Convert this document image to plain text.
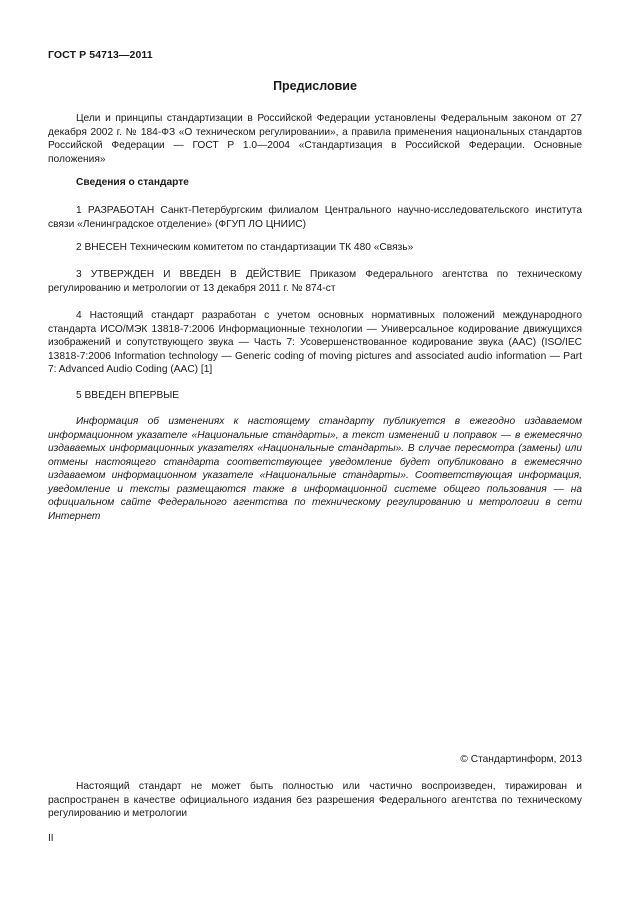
ГОСТ Р 54713—2011
Предисловие

Цели и принципы стандартизации в Российской Федерации установлены Федеральным законом от 27 декабря 2002 г. № 184-ФЗ «О техническом регулировании», а правила применения национальных стандартов Российской Федерации — ГОСТ Р 1.0—2004 «Стандартизация в Российской Федерации. Основные положения»

Сведения о стандарте

1 РАЗРАБОТАН Санкт-Петербургским филиалом Центрального научно-исследовательского института связи «Ленинградское отделение» (ФГУП ЛО ЦНИИС)

2 ВНЕСЕН Техническим комитетом по стандартизации ТК 480 «Связь»

3 УТВЕРЖДЕН И ВВЕДЕН В ДЕЙСТВИЕ Приказом Федерального агентства по техническому регулированию и метрологии от 13 декабря 2011 г. № 874-ст

4 Настоящий стандарт разработан с учетом основных нормативных положений международного стандарта ИСО/МЭК 13818-7:2006 Информационные технологии — Универсальное кодирование движущихся изображений и сопутствующего звука — Часть 7: Усовершенствованное кодирование звука (AAC) (ISO/IEC 13818-7:2006 Information technology — Generic coding of moving pictures and associated audio information — Part 7: Advanced Audio Coding (AAC) [1]

5 ВВЕДЕН ВПЕРВЫЕ

Информация об изменениях к настоящему стандарту публикуется в ежегодно издаваемом информационном указателе «Национальные стандарты», а текст изменений и поправок — в ежемесячно издаваемых информационных указателях «Национальные стандарты». В случае пересмотра (замены) или отмены настоящего стандарта соответствующее уведомление будет опубликовано в ежемесячно издаваемом информационном указателе «Национальные стандарты». Соответствующая информация, уведомление и тексты размещаются также в информационной системе общего пользования — на официальном сайте Федерального агентства по техническому регулированию и метрологии в сети Интернет

© Стандартинформ, 2013

Настоящий стандарт не может быть полностью или частично воспроизведен, тиражирован и распространен в качестве официального издания без разрешения Федерального агентства по техническому регулированию и метрологии

II
